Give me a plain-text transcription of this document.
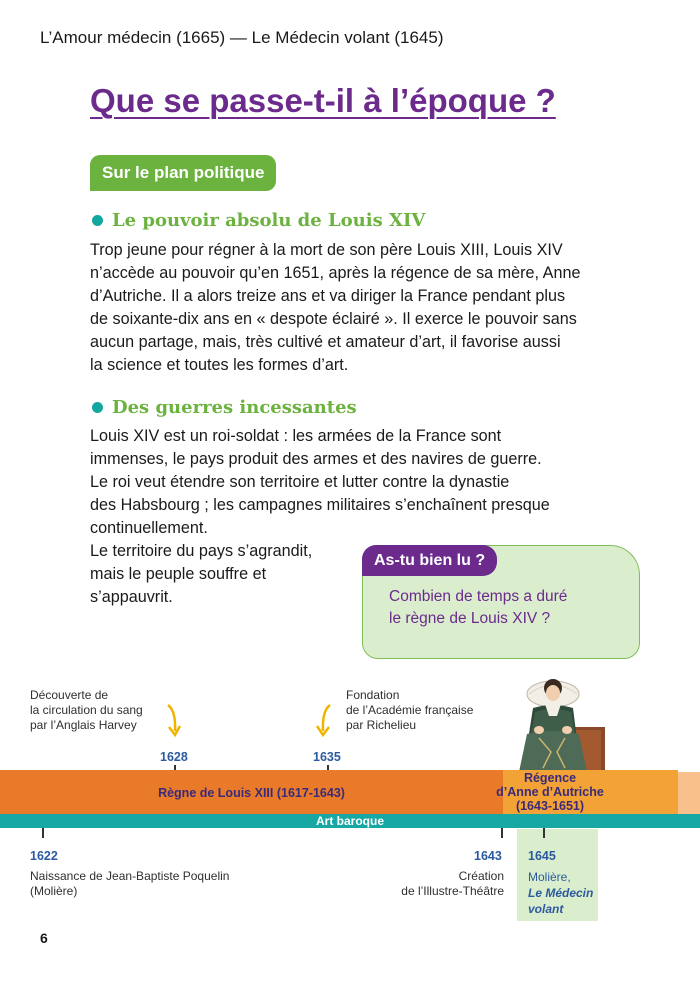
L’Amour médecin (1665) — Le Médecin volant (1645)
Que se passe-t-il à l’époque ?
Sur le plan politique
Le pouvoir absolu de Louis XIV
Trop jeune pour régner à la mort de son père Louis XIII, Louis XIV
n’accède au pouvoir qu’en 1651, après la régence de sa mère, Anne
d’Autriche. Il a alors treize ans et va diriger la France pendant plus
de soixante-dix ans en « despote éclairé ». Il exerce le pouvoir sans
aucun partage, mais, très cultivé et amateur d’art, il favorise aussi
la science et toutes les formes d’art.
Des guerres incessantes
Louis XIV est un roi-soldat : les armées de la France sont
immenses, le pays produit des armes et des navires de guerre.
Le roi veut étendre son territoire et lutter contre la dynastie
des Habsbourg ; les campagnes militaires s’enchaînent presque
continuellement.
Le territoire du pays s’agrandit,
mais le peuple souffre et
s’appauvrit.
As-tu bien lu ?
Combien de temps a duré
le règne de Louis XIV ?
Découverte de
la circulation du sang
par l’Anglais Harvey
1628
Fondation
de l’Académie française
par Richelieu
1635
Règne de Louis XIII (1617-1643)
Régence
d’Anne d’Autriche
(1643-1651)
Art baroque
1622
Naissance de Jean-Baptiste Poquelin
(Molière)
1643
Création
de l’Illustre-Théâtre
1645
Molière,
Le Médecin
volant
6
